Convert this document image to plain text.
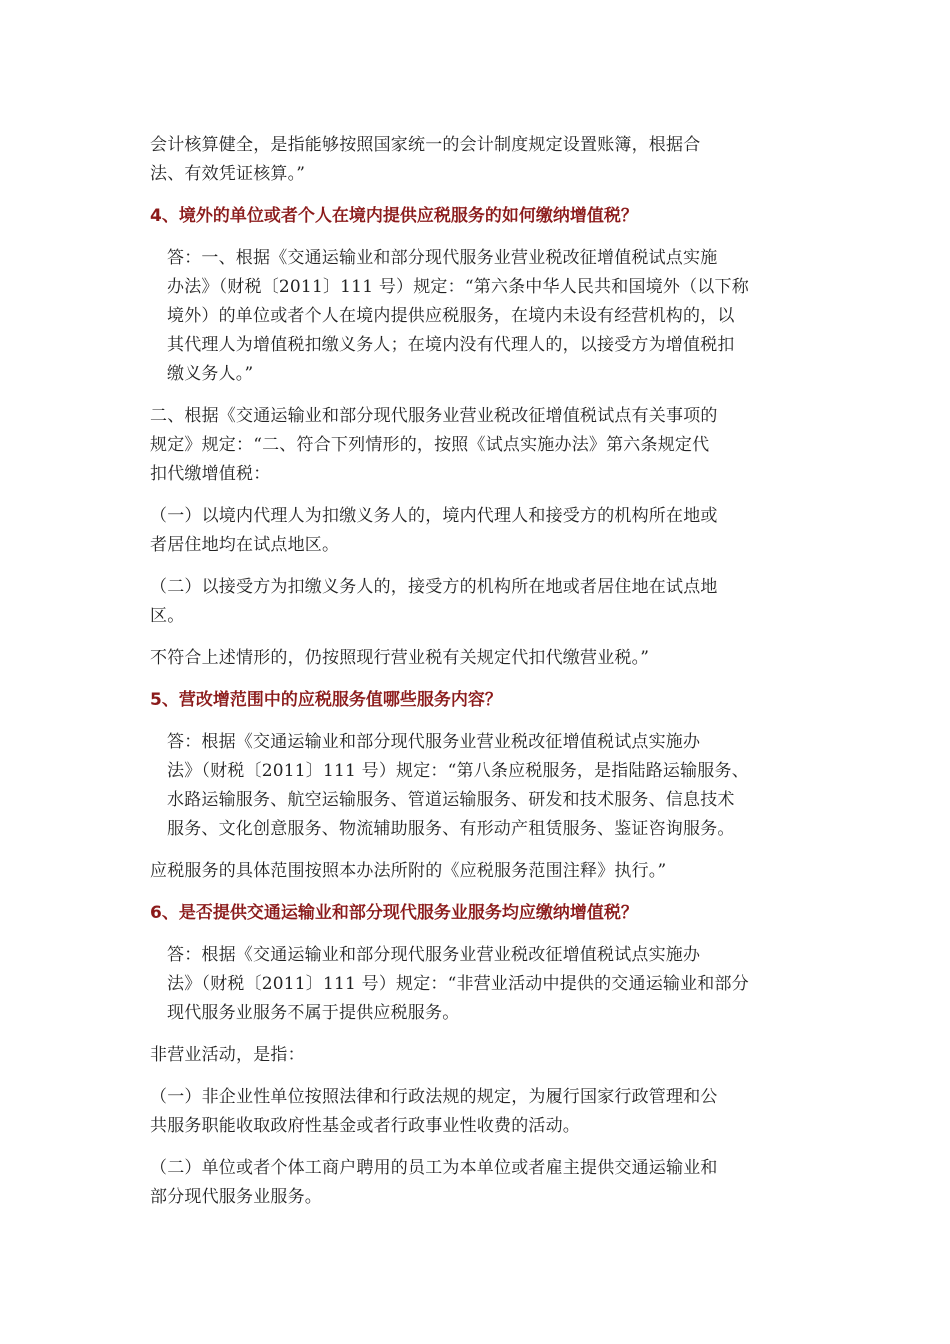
会计核算健全，是指能够按照国家统一的会计制度规定设置账簿，根据合
法、有效凭证核算。”

4、境外的单位或者个人在境内提供应税服务的如何缴纳增值税？

答：一、根据《交通运输业和部分现代服务业营业税改征增值税试点实施
办法》（财税〔2011〕111 号）规定：“第六条中华人民共和国境外（以下称
境外）的单位或者个人在境内提供应税服务，在境内未设有经营机构的，以
其代理人为增值税扣缴义务人；在境内没有代理人的，以接受方为增值税扣
缴义务人。”

二、根据《交通运输业和部分现代服务业营业税改征增值税试点有关事项的
规定》规定：“二、符合下列情形的，按照《试点实施办法》第六条规定代
扣代缴增值税：

（一）以境内代理人为扣缴义务人的，境内代理人和接受方的机构所在地或
者居住地均在试点地区。

（二）以接受方为扣缴义务人的，接受方的机构所在地或者居住地在试点地
区。

不符合上述情形的，仍按照现行营业税有关规定代扣代缴营业税。”

5、营改增范围中的应税服务值哪些服务内容？

答：根据《交通运输业和部分现代服务业营业税改征增值税试点实施办
法》（财税〔2011〕111 号）规定：“第八条应税服务，是指陆路运输服务、
水路运输服务、航空运输服务、管道运输服务、研发和技术服务、信息技术
服务、文化创意服务、物流辅助服务、有形动产租赁服务、鉴证咨询服务。

应税服务的具体范围按照本办法所附的《应税服务范围注释》执行。”

6、是否提供交通运输业和部分现代服务业服务均应缴纳增值税？

答：根据《交通运输业和部分现代服务业营业税改征增值税试点实施办
法》（财税〔2011〕111 号）规定：“非营业活动中提供的交通运输业和部分
现代服务业服务不属于提供应税服务。

非营业活动，是指：

（一）非企业性单位按照法律和行政法规的规定，为履行国家行政管理和公
共服务职能收取政府性基金或者行政事业性收费的活动。

（二）单位或者个体工商户聘用的员工为本单位或者雇主提供交通运输业和
部分现代服务业服务。
